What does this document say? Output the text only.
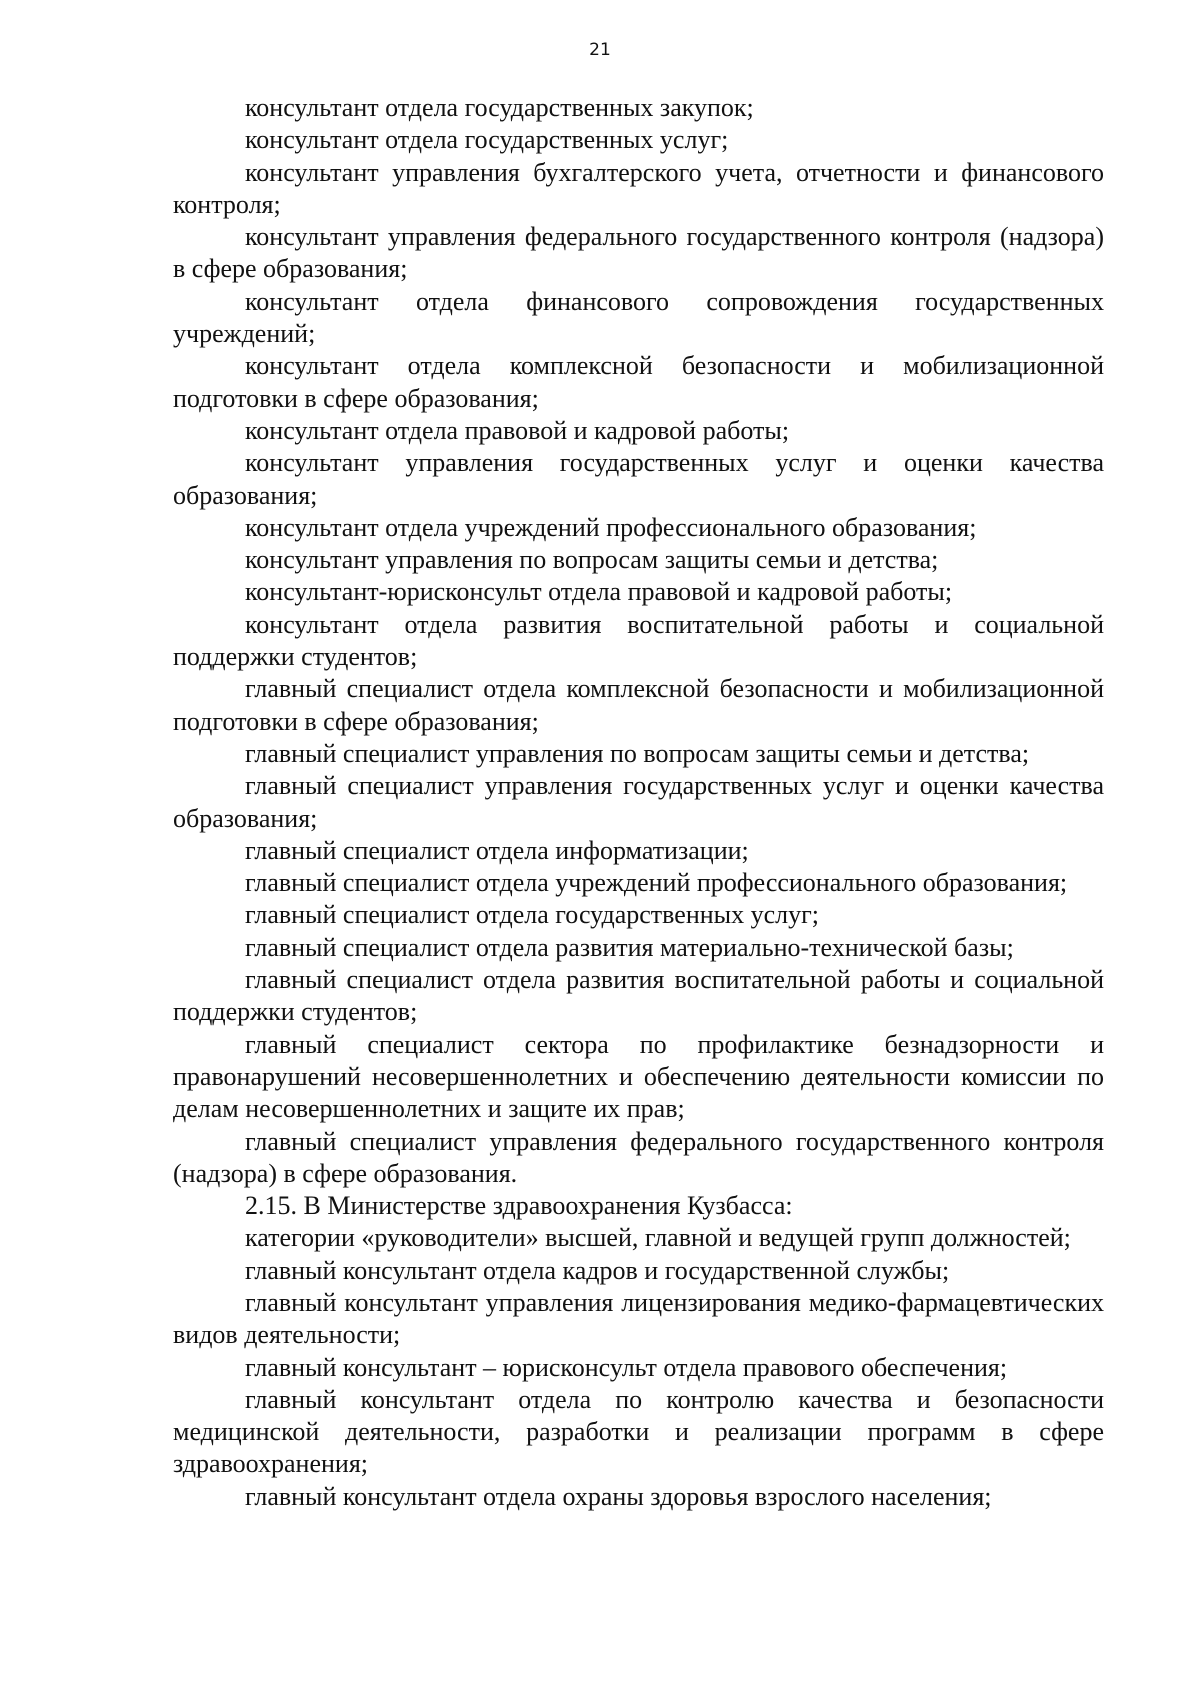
21

консультант отдела государственных закупок;

консультант отдела государственных услуг;

консультант управления бухгалтерского учета, отчетности и финансового контроля;

консультант управления федерального государственного контроля (надзора) в сфере образования;

консультант отдела финансового сопровождения государственных учреждений;

консультант отдела комплексной безопасности и мобилизационной подготовки в сфере образования;

консультант отдела правовой и кадровой работы;

консультант управления государственных услуг и оценки качества образования;

консультант отдела учреждений профессионального образования;

консультант управления по вопросам защиты семьи и детства;

консультант-юрисконсульт отдела правовой и кадровой работы;

консультант отдела развития воспитательной работы и социальной поддержки студентов;

главный специалист отдела комплексной безопасности и мобилизационной подготовки в сфере образования;

главный специалист управления по вопросам защиты семьи и детства;

главный специалист управления государственных услуг и оценки качества образования;

главный специалист отдела информатизации;

главный специалист отдела учреждений профессионального образования;

главный специалист отдела государственных услуг;

главный специалист отдела развития материально-технической базы;

главный специалист отдела развития воспитательной работы и социальной поддержки студентов;

главный специалист сектора по профилактике безнадзорности и правонарушений несовершеннолетних и обеспечению деятельности комиссии по делам несовершеннолетних и защите их прав;

главный специалист управления федерального государственного контроля (надзора) в сфере образования.

2.15. В Министерстве здравоохранения Кузбасса:

категории «руководители» высшей, главной и ведущей групп должностей;

главный консультант отдела кадров и государственной службы;

главный консультант управления лицензирования медико-фармацевтических видов деятельности;

главный консультант – юрисконсульт отдела правового обеспечения;

главный консультант отдела по контролю качества и безопасности медицинской деятельности, разработки и реализации программ в сфере здравоохранения;

главный консультант отдела охраны здоровья взрослого населения;
